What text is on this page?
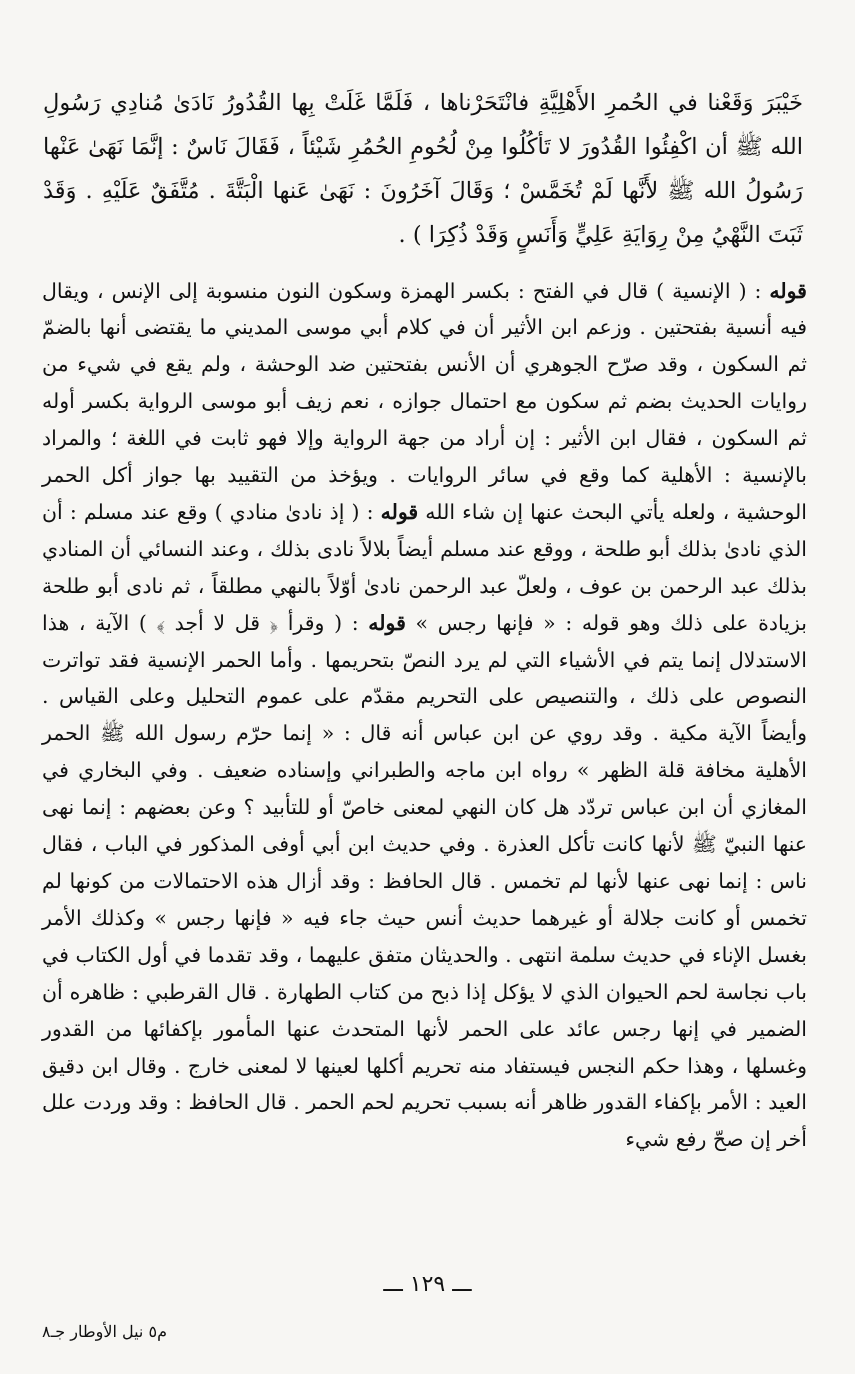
خَيْبَرَ وَقَعْنا في الحُمرِ الأَهْلِيَّةِ فانْتَحَرْناها ، فَلَمَّا غَلَتْ بِها القُدُورُ نَادَىٰ مُنادِي رَسُولِ الله ﷺ أن اكْفِئُوا القُدُورَ لا تَأكُلُوا مِنْ لُحُومِ الحُمُرِ شَيْئاً ، فَقَالَ نَاسٌ : إنَّمَا نَهَىٰ عَنْها رَسُولُ الله ﷺ لأَنَّها لَمْ تُخَمَّسْ ؛ وَقَالَ آخَرُونَ : نَهَىٰ عَنها الْبَتَّةَ . مُتَّفَقٌ عَلَيْهِ . وَقَدْ ثَبَتَ النَّهْيُ مِنْ رِوَايَةِ عَلِيٍّ وَأَنَسٍ وَقَدْ ذُكِرَا ) .

قوله : ( الإنسية ) قال في الفتح : بكسر الهمزة وسكون النون منسوبة إلى الإنس ، ويقال فيه أنسية بفتحتين . وزعم ابن الأثير أن في كلام أبي موسى المديني ما يقتضى أنها بالضمّ ثم السكون ، وقد صرّح الجوهري أن الأنس بفتحتين ضد الوحشة ، ولم يقع في شيء من روايات الحديث بضم ثم سكون مع احتمال جوازه ، نعم زيف أبو موسى الرواية بكسر أوله ثم السكون ، فقال ابن الأثير : إن أراد من جهة الرواية وإلا فهو ثابت في اللغة ؛ والمراد بالإنسية : الأهلية كما وقع في سائر الروايات . ويؤخذ من التقييد بها جواز أكل الحمر الوحشية ، ولعله يأتي البحث عنها إن شاء الله قوله : ( إذ نادىٰ منادي ) وقع عند مسلم : أن الذي نادىٰ بذلك أبو طلحة ، ووقع عند مسلم أيضاً بلالاً نادى بذلك ، وعند النسائي أن المنادي بذلك عبد الرحمن بن عوف ، ولعلّ عبد الرحمن نادىٰ أوّلاً بالنهي مطلقاً ، ثم نادى أبو طلحة بزيادة على ذلك وهو قوله : « فإنها رجس » قوله : ( وقرأ ﴿ قل لا أجد ﴾ ) الآية ، هذا الاستدلال إنما يتم في الأشياء التي لم يرد النصّ بتحريمها . وأما الحمر الإنسية فقد تواترت النصوص على ذلك ، والتنصيص على التحريم مقدّم على عموم التحليل وعلى القياس . وأيضاً الآية مكية . وقد روي عن ابن عباس أنه قال : « إنما حرّم رسول الله ﷺ الحمر الأهلية مخافة قلة الظهر » رواه ابن ماجه والطبراني وإسناده ضعيف . وفي البخاري في المغازي أن ابن عباس تردّد هل كان النهي لمعنى خاصّ أو للتأبيد ؟ وعن بعضهم : إنما نهى عنها النبيّ ﷺ لأنها كانت تأكل العذرة . وفي حديث ابن أبي أوفى المذكور في الباب ، فقال ناس : إنما نهى عنها لأنها لم تخمس . قال الحافظ : وقد أزال هذه الاحتمالات من كونها لم تخمس أو كانت جلالة أو غيرهما حديث أنس حيث جاء فيه « فإنها رجس » وكذلك الأمر بغسل الإناء في حديث سلمة انتهى . والحديثان متفق عليهما ، وقد تقدما في أول الكتاب في باب نجاسة لحم الحيوان الذي لا يؤكل إذا ذبح من كتاب الطهارة . قال القرطبي : ظاهره أن الضمير في إنها رجس عائد على الحمر لأنها المتحدث عنها المأمور بإكفائها من القدور وغسلها ، وهذا حكم النجس فيستفاد منه تحريم أكلها لعينها لا لمعنى خارج . وقال ابن دقيق العيد : الأمر بإكفاء القدور ظاهر أنه بسبب تحريم لحم الحمر . قال الحافظ : وقد وردت علل أخر إن صحّ رفع شيء

ـــ ١٢٩ ـــ
م٥ نيل الأوطار جـ٨
